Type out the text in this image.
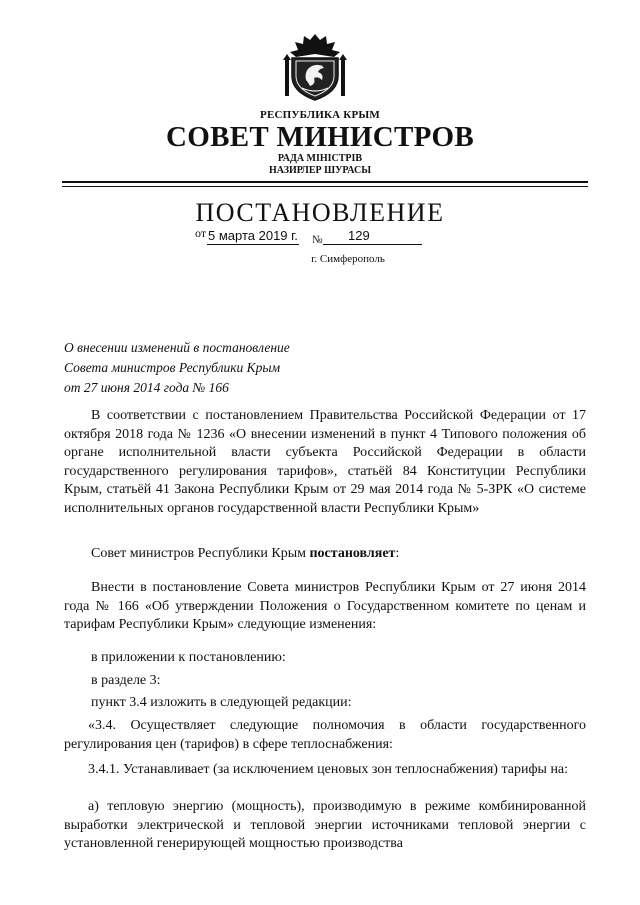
РЕСПУБЛИКА КРЫМ
СОВЕТ МИНИСТРОВ
РАДА МІНІСТРІВ
НАЗИРЛЕР ШУРАСЫ
ПОСТАНОВЛЕНИЕ
от 5 марта 2019 г. № 129
г. Симферополь
О внесении изменений в постановление
Совета министров Республики Крым
от 27 июня 2014 года № 166

В соответствии с постановлением Правительства Российской Федерации от 17 октября 2018 года № 1236 «О внесении изменений в пункт 4 Типового положения об органе исполнительной власти субъекта Российской Федерации в области государственного регулирования тарифов», статьёй 84 Конституции Республики Крым, статьёй 41 Закона Республики Крым от 29 мая 2014 года № 5-ЗРК «О системе исполнительных органов государственной власти Республики Крым»

Совет министров Республики Крым постановляет:

Внести в постановление Совета министров Республики Крым от 27 июня 2014 года № 166 «Об утверждении Положения о Государственном комитете по ценам и тарифам Республики Крым» следующие изменения:

в приложении к постановлению:
в разделе 3:
пункт 3.4 изложить в следующей редакции:

«3.4. Осуществляет следующие полномочия в области государственного регулирования цен (тарифов) в сфере теплоснабжения:

3.4.1. Устанавливает (за исключением ценовых зон теплоснабжения) тарифы на:

а) тепловую энергию (мощность), производимую в режиме комбинированной выработки электрической и тепловой энергии источниками тепловой энергии с установленной генерирующей мощностью производства
